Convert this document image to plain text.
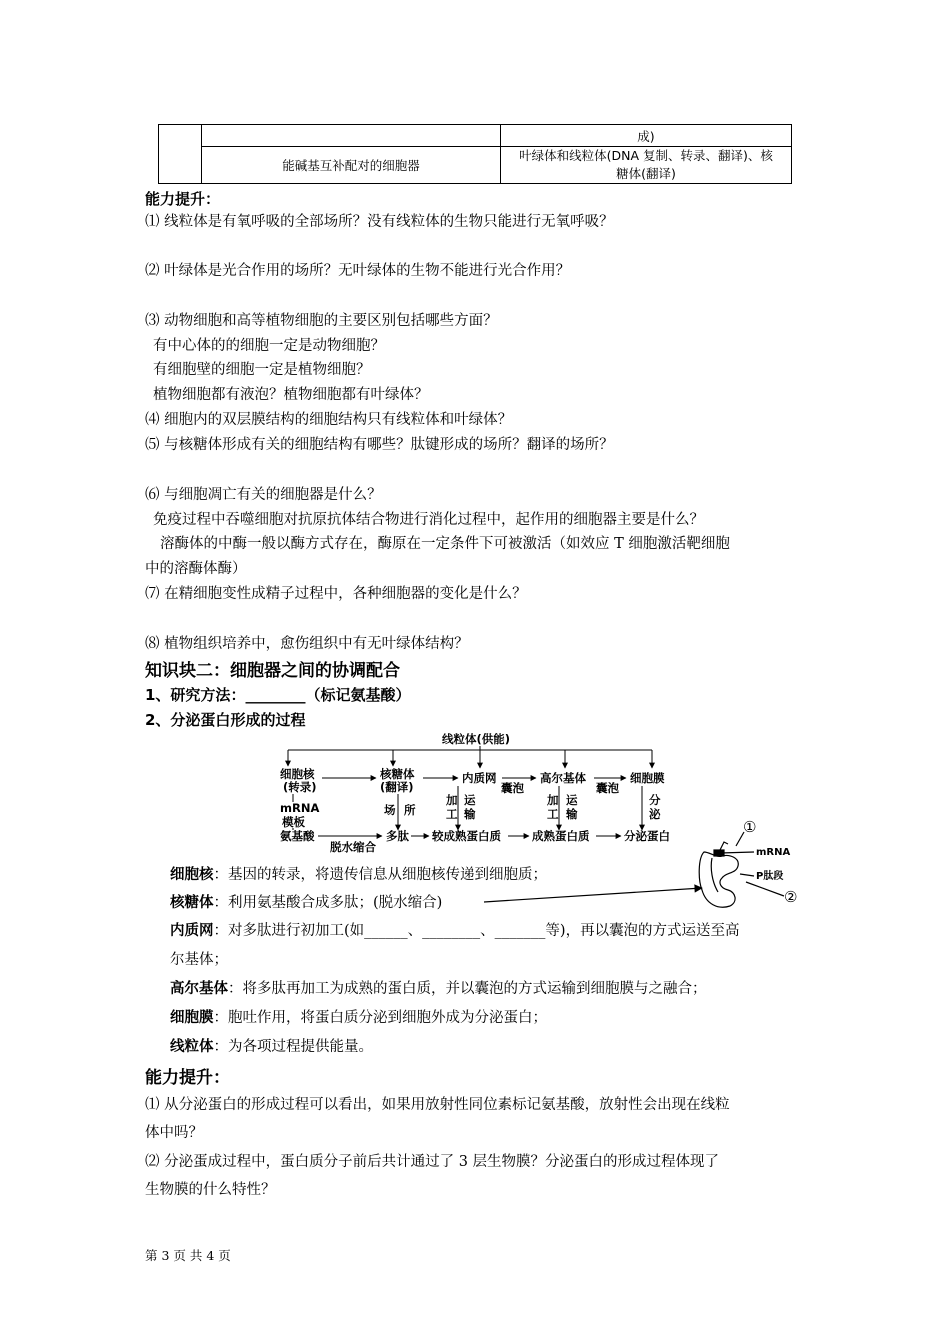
		成)
	能碱基互补配对的细胞器	叶绿体和线粒体(DNA 复制、转录、翻译)、核
糖体(翻译)
能力提升：
⑴ 线粒体是有氧呼吸的全部场所？没有线粒体的生物只能进行无氧呼吸？
⑵ 叶绿体是光合作用的场所？无叶绿体的生物不能进行光合作用？
⑶ 动物细胞和高等植物细胞的主要区别包括哪些方面？
有中心体的的细胞一定是动物细胞？
有细胞壁的细胞一定是植物细胞？
植物细胞都有液泡？植物细胞都有叶绿体？
⑷ 细胞内的双层膜结构的细胞结构只有线粒体和叶绿体？
⑸ 与核糖体形成有关的细胞结构有哪些？肽键形成的场所？翻译的场所？
⑹ 与细胞凋亡有关的细胞器是什么？
免疫过程中吞噬细胞对抗原抗体结合物进行消化过程中，起作用的细胞器主要是什么？
溶酶体的中酶一般以酶方式存在，酶原在一定条件下可被激活（如效应 T 细胞激活靶细胞
中的溶酶体酶）
⑺ 在精细胞变性成精子过程中，各种细胞器的变化是什么？
⑻ 植物组织培养中，愈伤组织中有无叶绿体结构？
知识块二：细胞器之间的协调配合
1、研究方法：________（标记氨基酸）
2、分泌蛋白形成的过程
线粒体(供能)
细胞核
(转录)
核糖体
(翻译)
内质网	高尔基体	细胞膜
囊泡	囊泡
mRNA
模板
场 所
加
工
运
输
加
工
运
输
分
泌
氨基酸
脱水缩合
多肽 较成熟蛋白质	成熟蛋白质	分泌蛋白	①
②
mRNA
P肽段
细胞核：基因的转录，将遗传信息从细胞核传递到细胞质；
核糖体：利用氨基酸合成多肽；(脱水缩合)
内质网：对多肽进行初加工(如______、________、_______等)，再以囊泡的方式运送至高
尔基体；
高尔基体：将多肽再加工为成熟的蛋白质，并以囊泡的方式运输到细胞膜与之融合；
细胞膜：胞吐作用，将蛋白质分泌到细胞外成为分泌蛋白；
线粒体：为各项过程提供能量。
能力提升：
⑴ 从分泌蛋白的形成过程可以看出，如果用放射性同位素标记氨基酸，放射性会出现在线粒
体中吗？
⑵ 分泌蛋成过程中，蛋白质分子前后共计通过了 3 层生物膜？分泌蛋白的形成过程体现了
生物膜的什么特性？
第 3 页 共 4 页
